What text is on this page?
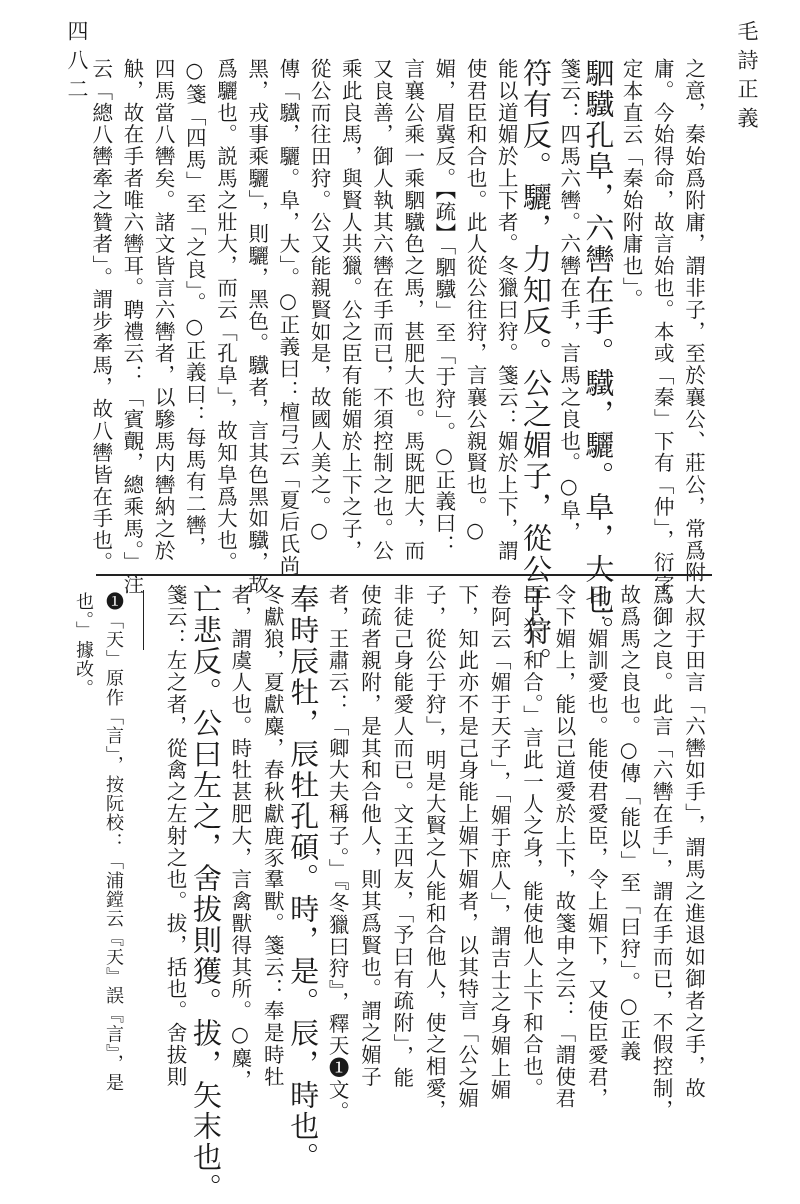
毛詩正義
四八二	之意，秦始爲附庸，謂非子，至於襄公、莊公，常爲附
庸。今始得命，故言始也。本或「秦」下有「仲」，衍字。
定本直云「秦始附庸也」。
駟驖孔阜，六轡在手。驖，驪。阜，大也。
箋云：四馬六轡。六轡在手，言馬之良也。○阜，
符有反。驪，力知反。公之媚子，從公于狩。
能以道媚於上下者。冬獵曰狩。箋云：媚於上下，謂
使君臣和合也。此人從公往狩，言襄公親賢也。○
媚，眉冀反。【疏】「駟驖」至「于狩」。○正義曰：
言襄公乘一乘駟驖色之馬，甚肥大也。馬既肥大，而
又良善，御人執其六轡在手而已，不須控制之也。公
乘此良馬，與賢人共獵。公之臣有能媚於上下之子，
從公而往田狩。公又能親賢如是，故國人美之。○
傳「驖，驪。阜，大」。○正義曰：檀弓云「夏后氏尚
黑，戎事乘驪」，則驪，黑色。驖者，言其色黑如驖，故
爲驪也。説馬之壯大，而云「孔阜」，故知阜爲大也。
○箋「四馬」至「之良」。○正義曰：每馬有二轡，
四馬當八轡矣。諸文皆言六轡者，以驂馬内轡納之於
觖，故在手者唯六轡耳。聘禮云：「賓覿，總乘馬。」注
云「總八轡牽之贊者」。謂步牽馬，故八轡皆在手也。
大叔于田言「六轡如手」，謂馬之進退如御者之手，故
爲御之良。此言「六轡在手」，謂在手而已，不假控制，
故爲馬之良也。○傳「能以」至「曰狩」。○正義
曰：媚訓愛也。能使君愛臣，令上媚下，又使臣愛君，
令下媚上，能以己道愛於上下，故箋申之云：「謂使君
臣上下和合。」言此一人之身，能使他人上下和合也。
卷阿云「媚于天子」，「媚于庶人」，謂吉士之身媚上媚
下，知此亦不是己身能上媚下媚者，以其特言「公之媚
子，從公于狩」，明是大賢之人能和合他人，使之相愛，
非徒己身能愛人而已。文王四友，「予曰有疏附」，能
使疏者親附，是其和合他人，則其爲賢也。謂之媚子
者，王肅云：「卿大夫稱子。」『冬獵曰狩』，釋天❶文。
奉時辰牡，辰牡孔碩。時，是。辰，時也。
冬獻狼，夏獻麋，春秋獻鹿豕羣獸。箋云：奉是時牡
者，謂虞人也。時牡甚肥大，言禽獸得其所。○麋，
亡悲反。公曰左之，舍拔則獲。拔，矢末也。
箋云：左之者，從禽之左射之也。拔，括也。舍拔則
❶「天」原作「言」，按阮校：「浦鏜云『天』誤『言』，是
也。」據改。
